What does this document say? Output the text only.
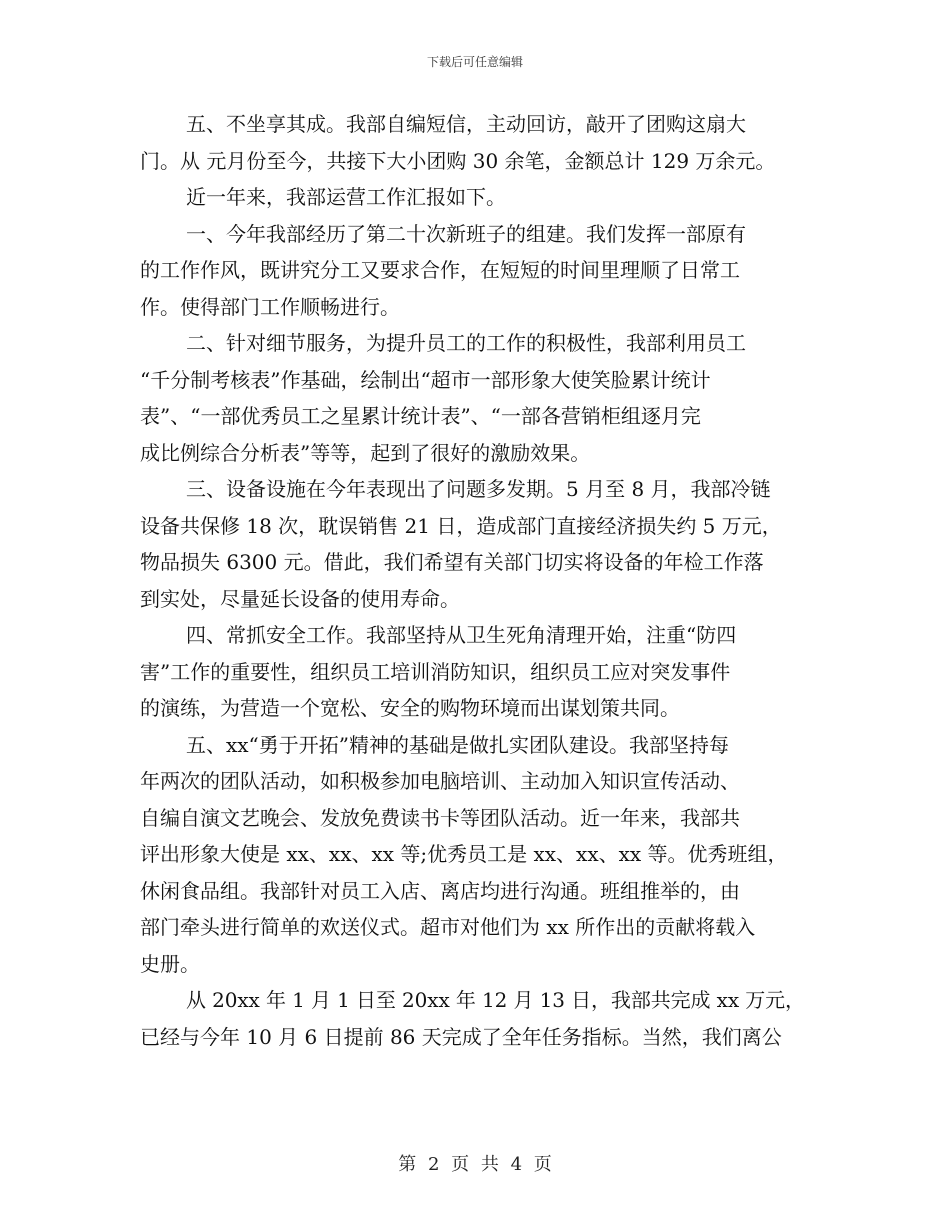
下载后可任意编辑
五、不坐享其成。我部自编短信，主动回访，敲开了团购这扇大
门。从 元月份至今，共接下大小团购 30 余笔，金额总计 129 万余元。
近一年来，我部运营工作汇报如下。
一、今年我部经历了第二十次新班子的组建。我们发挥一部原有
的工作作风，既讲究分工又要求合作，在短短的时间里理顺了日常工
作。使得部门工作顺畅进行。
二、针对细节服务，为提升员工的工作的积极性，我部利用员工
“千分制考核表”作基础，绘制出“超市一部形象大使笑脸累计统计
表”、“一部优秀员工之星累计统计表”、“一部各营销柜组逐月完
成比例综合分析表”等等，起到了很好的激励效果。
三、设备设施在今年表现出了问题多发期。5 月至 8 月，我部冷链
设备共保修 18 次，耽误销售 21 日，造成部门直接经济损失约 5 万元，
物品损失 6300 元。借此，我们希望有关部门切实将设备的年检工作落
到实处，尽量延长设备的使用寿命。
四、常抓安全工作。我部坚持从卫生死角清理开始，注重“防四
害”工作的重要性，组织员工培训消防知识，组织员工应对突发事件
的演练，为营造一个宽松、安全的购物环境而出谋划策共同。
五、xx“勇于开拓”精神的基础是做扎实团队建设。我部坚持每
年两次的团队活动，如积极参加电脑培训、主动加入知识宣传活动、
自编自演文艺晚会、发放免费读书卡等团队活动。近一年来，我部共
评出形象大使是 xx、xx、xx 等;优秀员工是 xx、xx、xx 等。优秀班组，
休闲食品组。我部针对员工入店、离店均进行沟通。班组推举的，由
部门牵头进行简单的欢送仪式。超市对他们为 xx 所作出的贡献将载入
史册。
从 20xx 年 1 月 1 日至 20xx 年 12 月 13 日，我部共完成 xx 万元，
已经与今年 10 月 6 日提前 86 天完成了全年任务指标。当然，我们离公
第 2 页 共 4 页
